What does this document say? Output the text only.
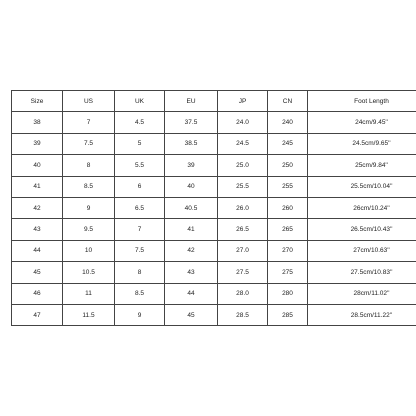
Size	US	UK	EU	JP	CN	Foot Length
38	7	4.5	37.5	24.0	240	24cm/9.45''
39	7.5	5	38.5	24.5	245	24.5cm/9.65''
40	8	5.5	39	25.0	250	25cm/9.84''
41	8.5	6	40	25.5	255	25.5cm/10.04''
42	9	6.5	40.5	26.0	260	26cm/10.24''
43	9.5	7	41	26.5	265	26.5cm/10.43''
44	10	7.5	42	27.0	270	27cm/10.63''
45	10.5	8	43	27.5	275	27.5cm/10.83''
46	11	8.5	44	28.0	280	28cm/11.02''
47	11.5	9	45	28.5	285	28.5cm/11.22''
